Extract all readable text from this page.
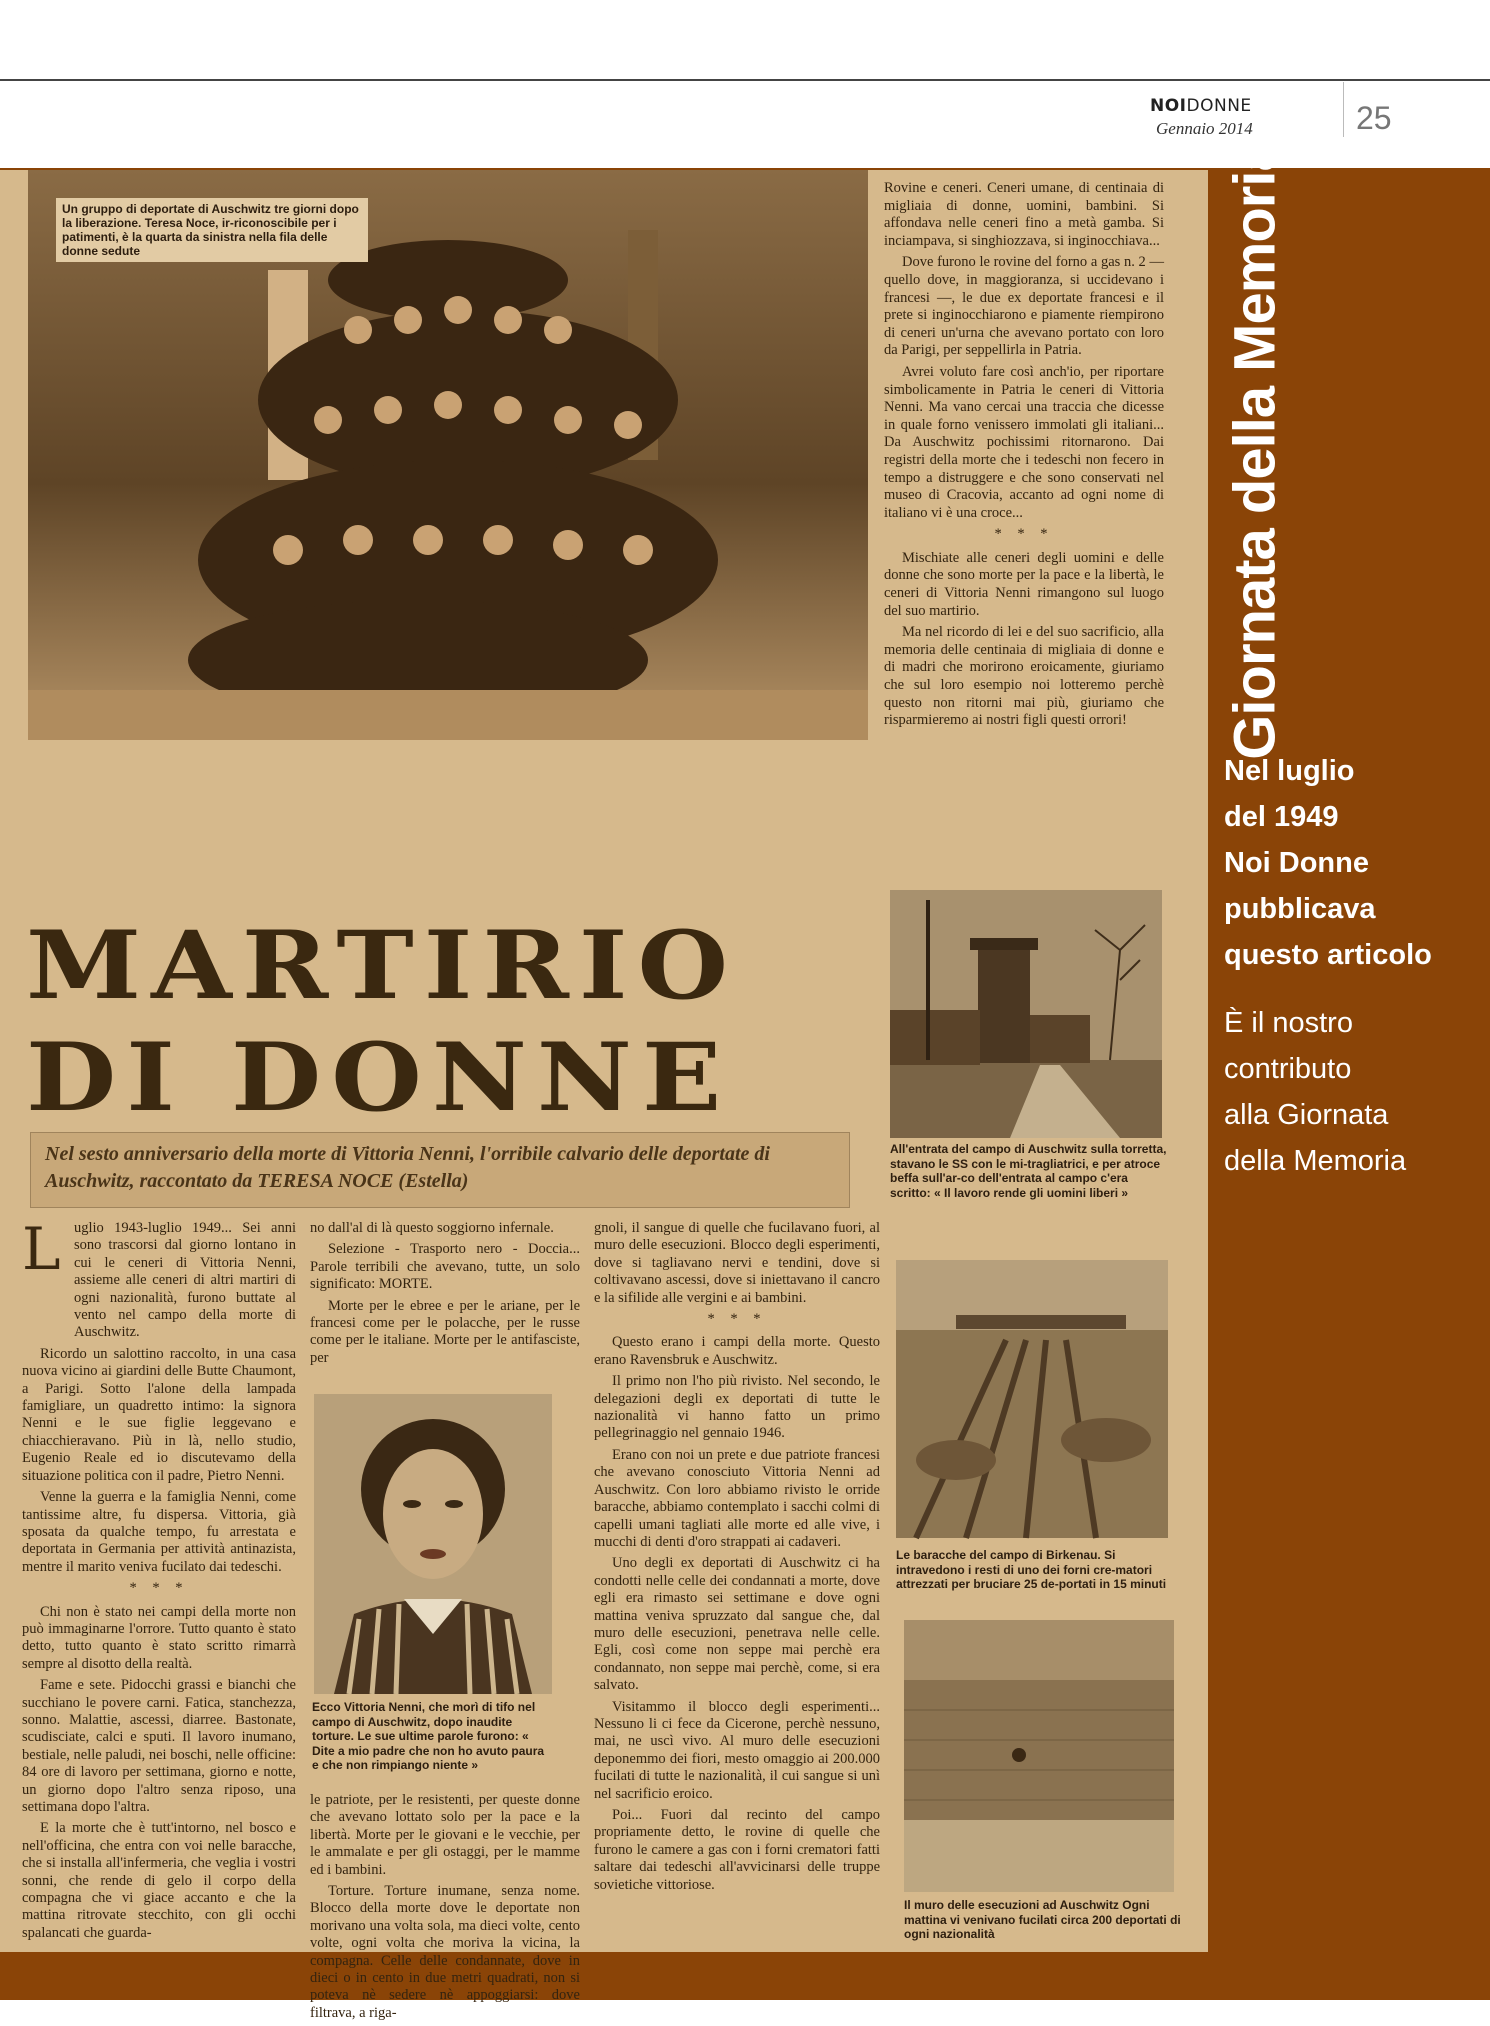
NOIDONNE
Gennaio 2014	25
Giornata della Memoria
Nel luglio
del 1949
Noi Donne
pubblicava
questo articolo
È il nostro
contributo
alla Giornata
della Memoria
Un gruppo di deportate di Auschwitz tre giorni dopo la liberazione. Teresa Noce, ir-riconoscibile per i patimenti, è la quarta da sinistra nella fila delle donne sedute
MARTIRIO
DI DONNE
Nel sesto anniversario della morte di Vittoria Nenni, l'orribile calvario delle deportate di Auschwitz, raccontato da TERESA NOCE (Estella)
L uglio 1943-luglio 1949... Sei anni sono trascorsi dal giorno lontano in cui le ceneri di Vittoria Nenni, assieme alle ceneri di altri martiri di ogni nazionalità, furono buttate al vento nel campo della morte di Auschwitz.

Ricordo un salottino raccolto, in una casa nuova vicino ai giardini delle Butte Chaumont, a Parigi. Sotto l'alone della lampada famigliare, un quadretto intimo: la signora Nenni e le sue figlie leggevano e chiacchieravano. Più in là, nello studio, Eugenio Reale ed io discutevamo della situazione politica con il padre, Pietro Nenni.

Venne la guerra e la famiglia Nenni, come tantissime altre, fu dispersa. Vittoria, già sposata da qualche tempo, fu arrestata e deportata in Germania per attività antinazista, mentre il marito veniva fucilato dai tedeschi.

* * *

Chi non è stato nei campi della morte non può immaginarne l'orrore. Tutto quanto è stato detto, tutto quanto è stato scritto rimarrà sempre al disotto della realtà.

Fame e sete. Pidocchi grassi e bianchi che succhiano le povere carni. Fatica, stanchezza, sonno. Malattie, ascessi, diarree. Bastonate, scudisciate, calci e sputi. Il lavoro inumano, bestiale, nelle paludi, nei boschi, nelle officine: 84 ore di lavoro per settimana, giorno e notte, un giorno dopo l'altro senza riposo, una settimana dopo l'altra.

E la morte che è tutt'intorno, nel bosco e nell'officina, che entra con voi nelle baracche, che si installa all'infermeria, che veglia i vostri sonni, che rende di gelo il corpo della compagna che vi giace accanto e che la mattina ritrovate stecchito, con gli occhi spalancati che guarda-

no dall'al di là questo soggiorno infernale.

Selezione - Trasporto nero - Doccia... Parole terribili che avevano, tutte, un solo significato: MORTE.

Morte per le ebree e per le ariane, per le francesi come per le polacche, per le russe come per le italiane. Morte per le antifasciste, per

Ecco Vittoria Nenni, che morì di tifo nel campo di Auschwitz, dopo inaudite torture. Le sue ultime parole furono: « Dite a mio padre che non ho avuto paura e che non rimpiango niente »

le patriote, per le resistenti, per queste donne che avevano lottato solo per la pace e la libertà. Morte per le giovani e le vecchie, per le ammalate e per gli ostaggi, per le mamme ed i bambini.

Torture. Torture inumane, senza nome. Blocco della morte dove le deportate non morivano una volta sola, ma dieci volte, cento volte, ogni volta che moriva la vicina, la compagna. Celle delle condannate, dove in dieci o in cento in due metri quadrati, non si poteva nè sedere nè appoggiarsi: dove filtrava, a riga-

gnoli, il sangue di quelle che fucilavano fuori, al muro delle esecuzioni. Blocco degli esperimenti, dove si tagliavano nervi e tendini, dove si coltivavano ascessi, dove si iniettavano il cancro e la sifilide alle vergini e ai bambini.

* * *

Questo erano i campi della morte. Questo erano Ravensbruk e Auschwitz.

Il primo non l'ho più rivisto. Nel secondo, le delegazioni degli ex deportati di tutte le nazionalità vi hanno fatto un primo pellegrinaggio nel gennaio 1946.

Erano con noi un prete e due patriote francesi che avevano conosciuto Vittoria Nenni ad Auschwitz. Con loro abbiamo rivisto le orride baracche, abbiamo contemplato i sacchi colmi di capelli umani tagliati alle morte ed alle vive, i mucchi di denti d'oro strappati ai cadaveri.

Uno degli ex deportati di Auschwitz ci ha condotti nelle celle dei condannati a morte, dove egli era rimasto sei settimane e dove ogni mattina veniva spruzzato dal sangue che, dal muro delle esecuzioni, penetrava nelle celle. Egli, così come non seppe mai perchè era condannato, non seppe mai perchè, come, si era salvato.

Visitammo il blocco degli esperimenti... Nessuno li ci fece da Cicerone, perchè nessuno, mai, ne uscì vivo. Al muro delle esecuzioni deponemmo dei fiori, mesto omaggio ai 200.000 fucilati di tutte le nazionalità, il cui sangue si unì nel sacrificio eroico.

Poi... Fuori dal recinto del campo propriamente detto, le rovine di quelle che furono le camere a gas con i forni crematori fatti saltare dai tedeschi all'avvicinarsi delle truppe sovietiche vittoriose.

Rovine e ceneri. Ceneri umane, di centinaia di migliaia di donne, uomini, bambini. Si affondava nelle ceneri fino a metà gamba. Si inciampava, si singhiozzava, si inginocchiava...

Dove furono le rovine del forno a gas n. 2 — quello dove, in maggioranza, si uccidevano i francesi —, le due ex deportate francesi e il prete si inginocchiarono e piamente riempirono di ceneri un'urna che avevano portato con loro da Parigi, per seppellirla in Patria.

Avrei voluto fare così anch'io, per riportare simbolicamente in Patria le ceneri di Vittoria Nenni. Ma vano cercai una traccia che dicesse in quale forno venissero immolati gli italiani... Da Auschwitz pochissimi ritornarono. Dai registri della morte che i tedeschi non fecero in tempo a distruggere e che sono conservati nel museo di Cracovia, accanto ad ogni nome di italiano vi è una croce...

* * *

Mischiate alle ceneri degli uomini e delle donne che sono morte per la pace e la libertà, le ceneri di Vittoria Nenni rimangono sul luogo del suo martirio.

Ma nel ricordo di lei e del suo sacrificio, alla memoria delle centinaia di migliaia di donne e di madri che morirono eroicamente, giuriamo che sul loro esempio noi lotteremo perchè questo non ritorni mai più, giuriamo che risparmieremo ai nostri figli questi orrori!

All'entrata del campo di Auschwitz sulla torretta, stavano le SS con le mi-tragliatrici, e per atroce beffa sull'ar-co dell'entrata al campo c'era scritto: « Il lavoro rende gli uomini liberi »
Le baracche del campo di Birkenau. Si intravedono i resti di uno dei forni cre-matori attrezzati per bruciare 25 de-portati in 15 minuti
Il muro delle esecuzioni ad Auschwitz Ogni mattina vi venivano fucilati circa 200 deportati di ogni nazionalità
